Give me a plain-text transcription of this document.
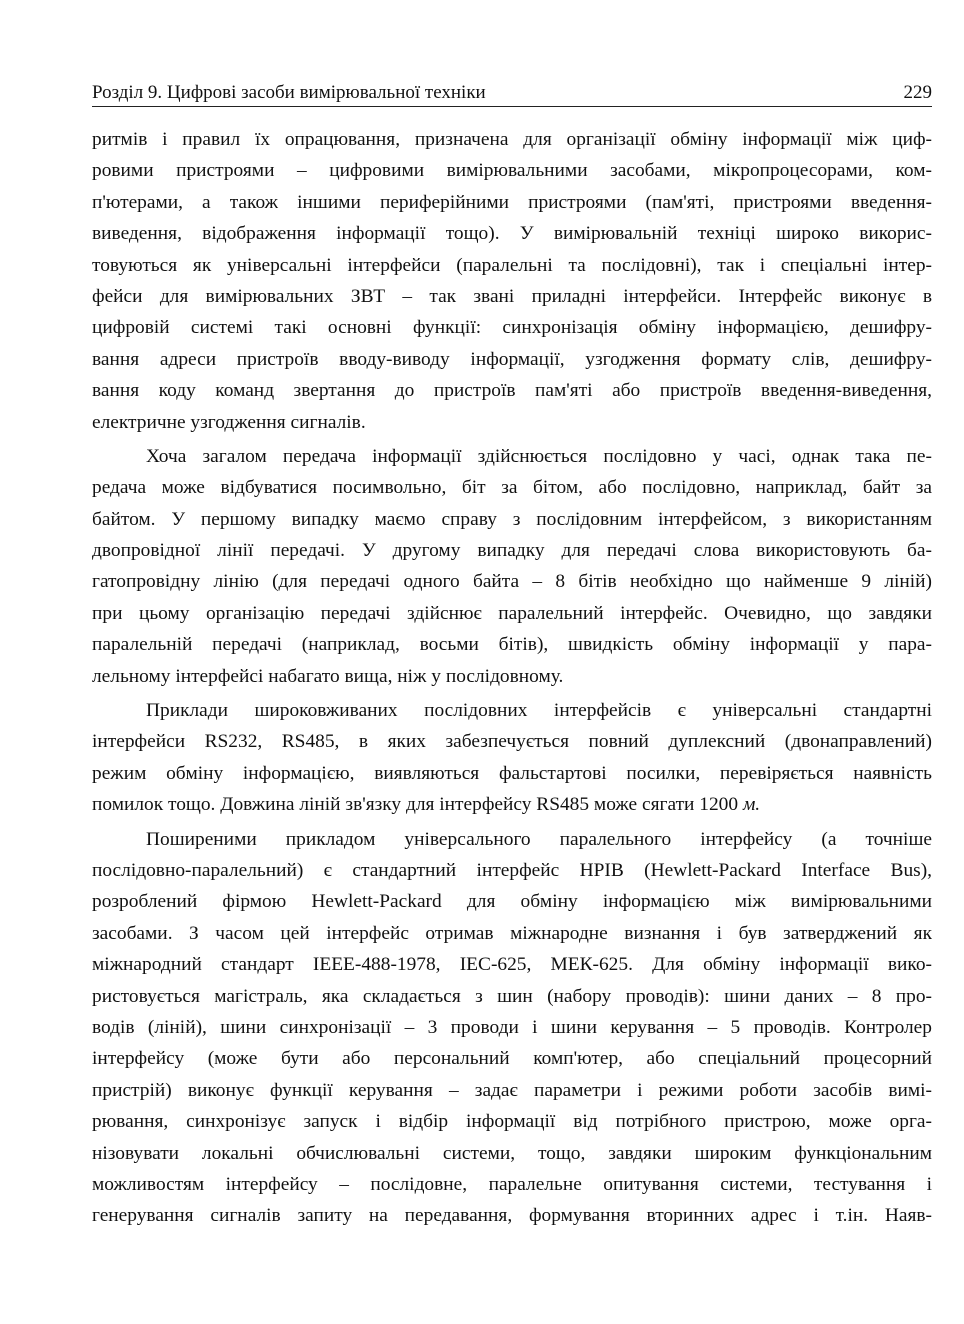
Розділ 9. Цифрові засоби вимірювальної техніки	229
ритмів і правил їх опрацювання, призначена для організації обміну інформації між циф-
ровими пристроями – цифровими вимірювальними засобами, мікропроцесорами, ком-
п'ютерами, а також іншими периферійними пристроями (пам'яті, пристроями введення-
виведення, відображення інформації тощо). У вимірювальній техніці широко викорис-
товуються як універсальні інтерфейси (паралельні та послідовні), так і спеціальні інтер-
фейси для вимірювальних ЗВТ – так звані приладні інтерфейси. Інтерфейс виконує в
цифровій системі такі основні функції: синхронізація обміну інформацією, дешифру-
вання адреси пристроїв вводу-виводу інформації, узгодження формату слів, дешифру-
вання коду команд звертання до пристроїв пам'яті або пристроїв введення-виведення,
електричне узгодження сигналів.
Хоча загалом передача інформації здійснюється послідовно у часі, однак така пе-
редача може відбуватися посимвольно, біт за бітом, або послідовно, наприклад, байт за
байтом. У першому випадку маємо справу з послідовним інтерфейсом, з використанням
двопровідної лінії передачі. У другому випадку для передачі слова використовують ба-
гатопровідну лінію (для передачі одного байта – 8 бітів необхідно що найменше 9 ліній)
при цьому організацію передачі здійснює паралельний інтерфейс. Очевидно, що завдяки
паралельній передачі (наприклад, восьми бітів), швидкість обміну інформації у пара-
лельному інтерфейсі набагато вища, ніж у послідовному.
Приклади широковживаних послідовних інтерфейсів є універсальні стандартні
інтерфейси RS232, RS485, в яких забезпечується повний дуплексний (двонаправлений)
режим обміну інформацією, виявляються фальстартові посилки, перевіряється наявність
помилок тощо. Довжина ліній зв'язку для інтерфейсу RS485 може сягати 1200 м.
Поширеними прикладом універсального паралельного інтерфейсу (а точніше
послідовно-паралельний) є стандартний інтерфейс HPIB (Hewlett-Packard Interface Bus),
розроблений фірмою Hewlett-Packard для обміну інформацією між вимірювальними
засобами. З часом цей інтерфейс отримав міжнародне визнання і був затверджений як
міжнародний стандарт IEEE-488-1978, IEC-625, МЕК-625. Для обміну інформації вико-
ристовується магістраль, яка складається з шин (набору проводів): шини даних – 8 про-
водів (ліній), шини синхронізації – 3 проводи і шини керування – 5 проводів. Контролер
інтерфейсу (може бути або персональний комп'ютер, або спеціальний процесорний
пристрій) виконує функції керування – задає параметри і режими роботи засобів вимі-
рювання, синхронізує запуск і відбір інформації від потрібного пристрою, може орга-
нізовувати локальні обчислювальні системи, тощо, завдяки широким функціональним
можливостям інтерфейсу – послідовне, паралельне опитування системи, тестування і
генерування сигналів запиту на передавання, формування вторинних адрес і т.ін. Наяв-
